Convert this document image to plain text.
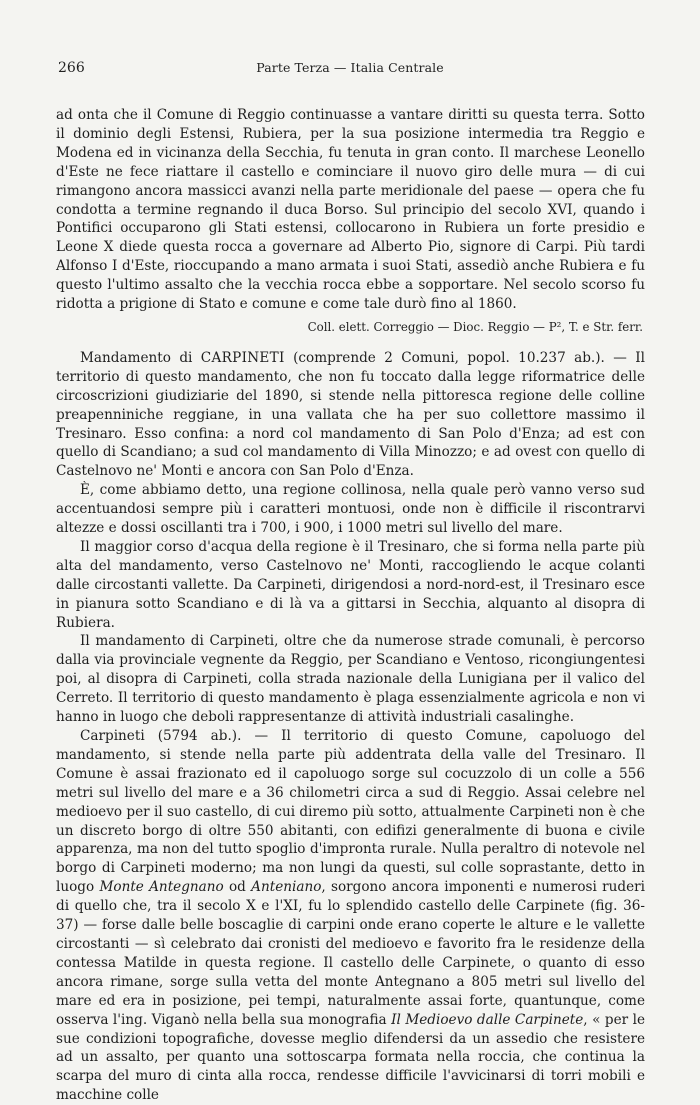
266	Parte Terza — Italia Centrale

ad onta che il Comune di Reggio continuasse a vantare diritti su questa terra. Sotto il dominio degli Estensi, Rubiera, per la sua posizione intermedia tra Reggio e Modena ed in vicinanza della Secchia, fu tenuta in gran conto. Il marchese Leonello d'Este ne fece riattare il castello e cominciare il nuovo giro delle mura — di cui rimangono ancora massicci avanzi nella parte meridionale del paese — opera che fu condotta a termine regnando il duca Borso. Sul principio del secolo XVI, quando i Pontifici occuparono gli Stati estensi, collocarono in Rubiera un forte presidio e Leone X diede questa rocca a governare ad Alberto Pio, signore di Carpi. Più tardi Alfonso I d'Este, rioccupando a mano armata i suoi Stati, assediò anche Rubiera e fu questo l'ultimo assalto che la vecchia rocca ebbe a sopportare. Nel secolo scorso fu ridotta a prigione di Stato e comune e come tale durò fino al 1860.

Coll. elett. Correggio — Dioc. Reggio — P², T. e Str. ferr.

Mandamento di CARPINETI (comprende 2 Comuni, popol. 10.237 ab.). — Il territorio di questo mandamento, che non fu toccato dalla legge riformatrice delle circoscrizioni giudiziarie del 1890, si stende nella pittoresca regione delle colline preapenniniche reggiane, in una vallata che ha per suo collettore massimo il Tresinaro. Esso confina: a nord col mandamento di San Polo d'Enza; ad est con quello di Scandiano; a sud col mandamento di Villa Minozzo; e ad ovest con quello di Castelnovo ne' Monti e ancora con San Polo d'Enza.

È, come abbiamo detto, una regione collinosa, nella quale però vanno verso sud accentuandosi sempre più i caratteri montuosi, onde non è difficile il riscontrarvi altezze e dossi oscillanti tra i 700, i 900, i 1000 metri sul livello del mare.

Il maggior corso d'acqua della regione è il Tresinaro, che si forma nella parte più alta del mandamento, verso Castelnovo ne' Monti, raccogliendo le acque colanti dalle circostanti vallette. Da Carpineti, dirigendosi a nord-nord-est, il Tresinaro esce in pianura sotto Scandiano e di là va a gittarsi in Secchia, alquanto al disopra di Rubiera.

Il mandamento di Carpineti, oltre che da numerose strade comunali, è percorso dalla via provinciale vegnente da Reggio, per Scandiano e Ventoso, ricongiungentesi poi, al disopra di Carpineti, colla strada nazionale della Lunigiana per il valico del Cerreto. Il territorio di questo mandamento è plaga essenzialmente agricola e non vi hanno in luogo che deboli rappresentanze di attività industriali casalinghe.

Carpineti (5794 ab.). — Il territorio di questo Comune, capoluogo del mandamento, si stende nella parte più addentrata della valle del Tresinaro. Il Comune è assai frazionato ed il capoluogo sorge sul cocuzzolo di un colle a 556 metri sul livello del mare e a 36 chilometri circa a sud di Reggio. Assai celebre nel medioevo per il suo castello, di cui diremo più sotto, attualmente Carpineti non è che un discreto borgo di oltre 550 abitanti, con edifizi generalmente di buona e civile apparenza, ma non del tutto spoglio d'impronta rurale. Nulla peraltro di notevole nel borgo di Carpineti moderno; ma non lungi da questi, sul colle soprastante, detto in luogo Monte Antegnano od Anteniano, sorgono ancora imponenti e numerosi ruderi di quello che, tra il secolo X e l'XI, fu lo splendido castello delle Carpinete (fig. 36-37) — forse dalle belle boscaglie di carpini onde erano coperte le alture e le vallette circostanti — sì celebrato dai cronisti del medioevo e favorito fra le residenze della contessa Matilde in questa regione. Il castello delle Carpinete, o quanto di esso ancora rimane, sorge sulla vetta del monte Antegnano a 805 metri sul livello del mare ed era in posizione, pei tempi, naturalmente assai forte, quantunque, come osserva l'ing. Viganò nella bella sua monografia Il Medioevo dalle Carpinete, « per le sue condizioni topografiche, dovesse meglio difendersi da un assedio che resistere ad un assalto, per quanto una sottoscarpa formata nella roccia, che continua la scarpa del muro di cinta alla rocca, rendesse difficile l'avvicinarsi di torri mobili e macchine colle
